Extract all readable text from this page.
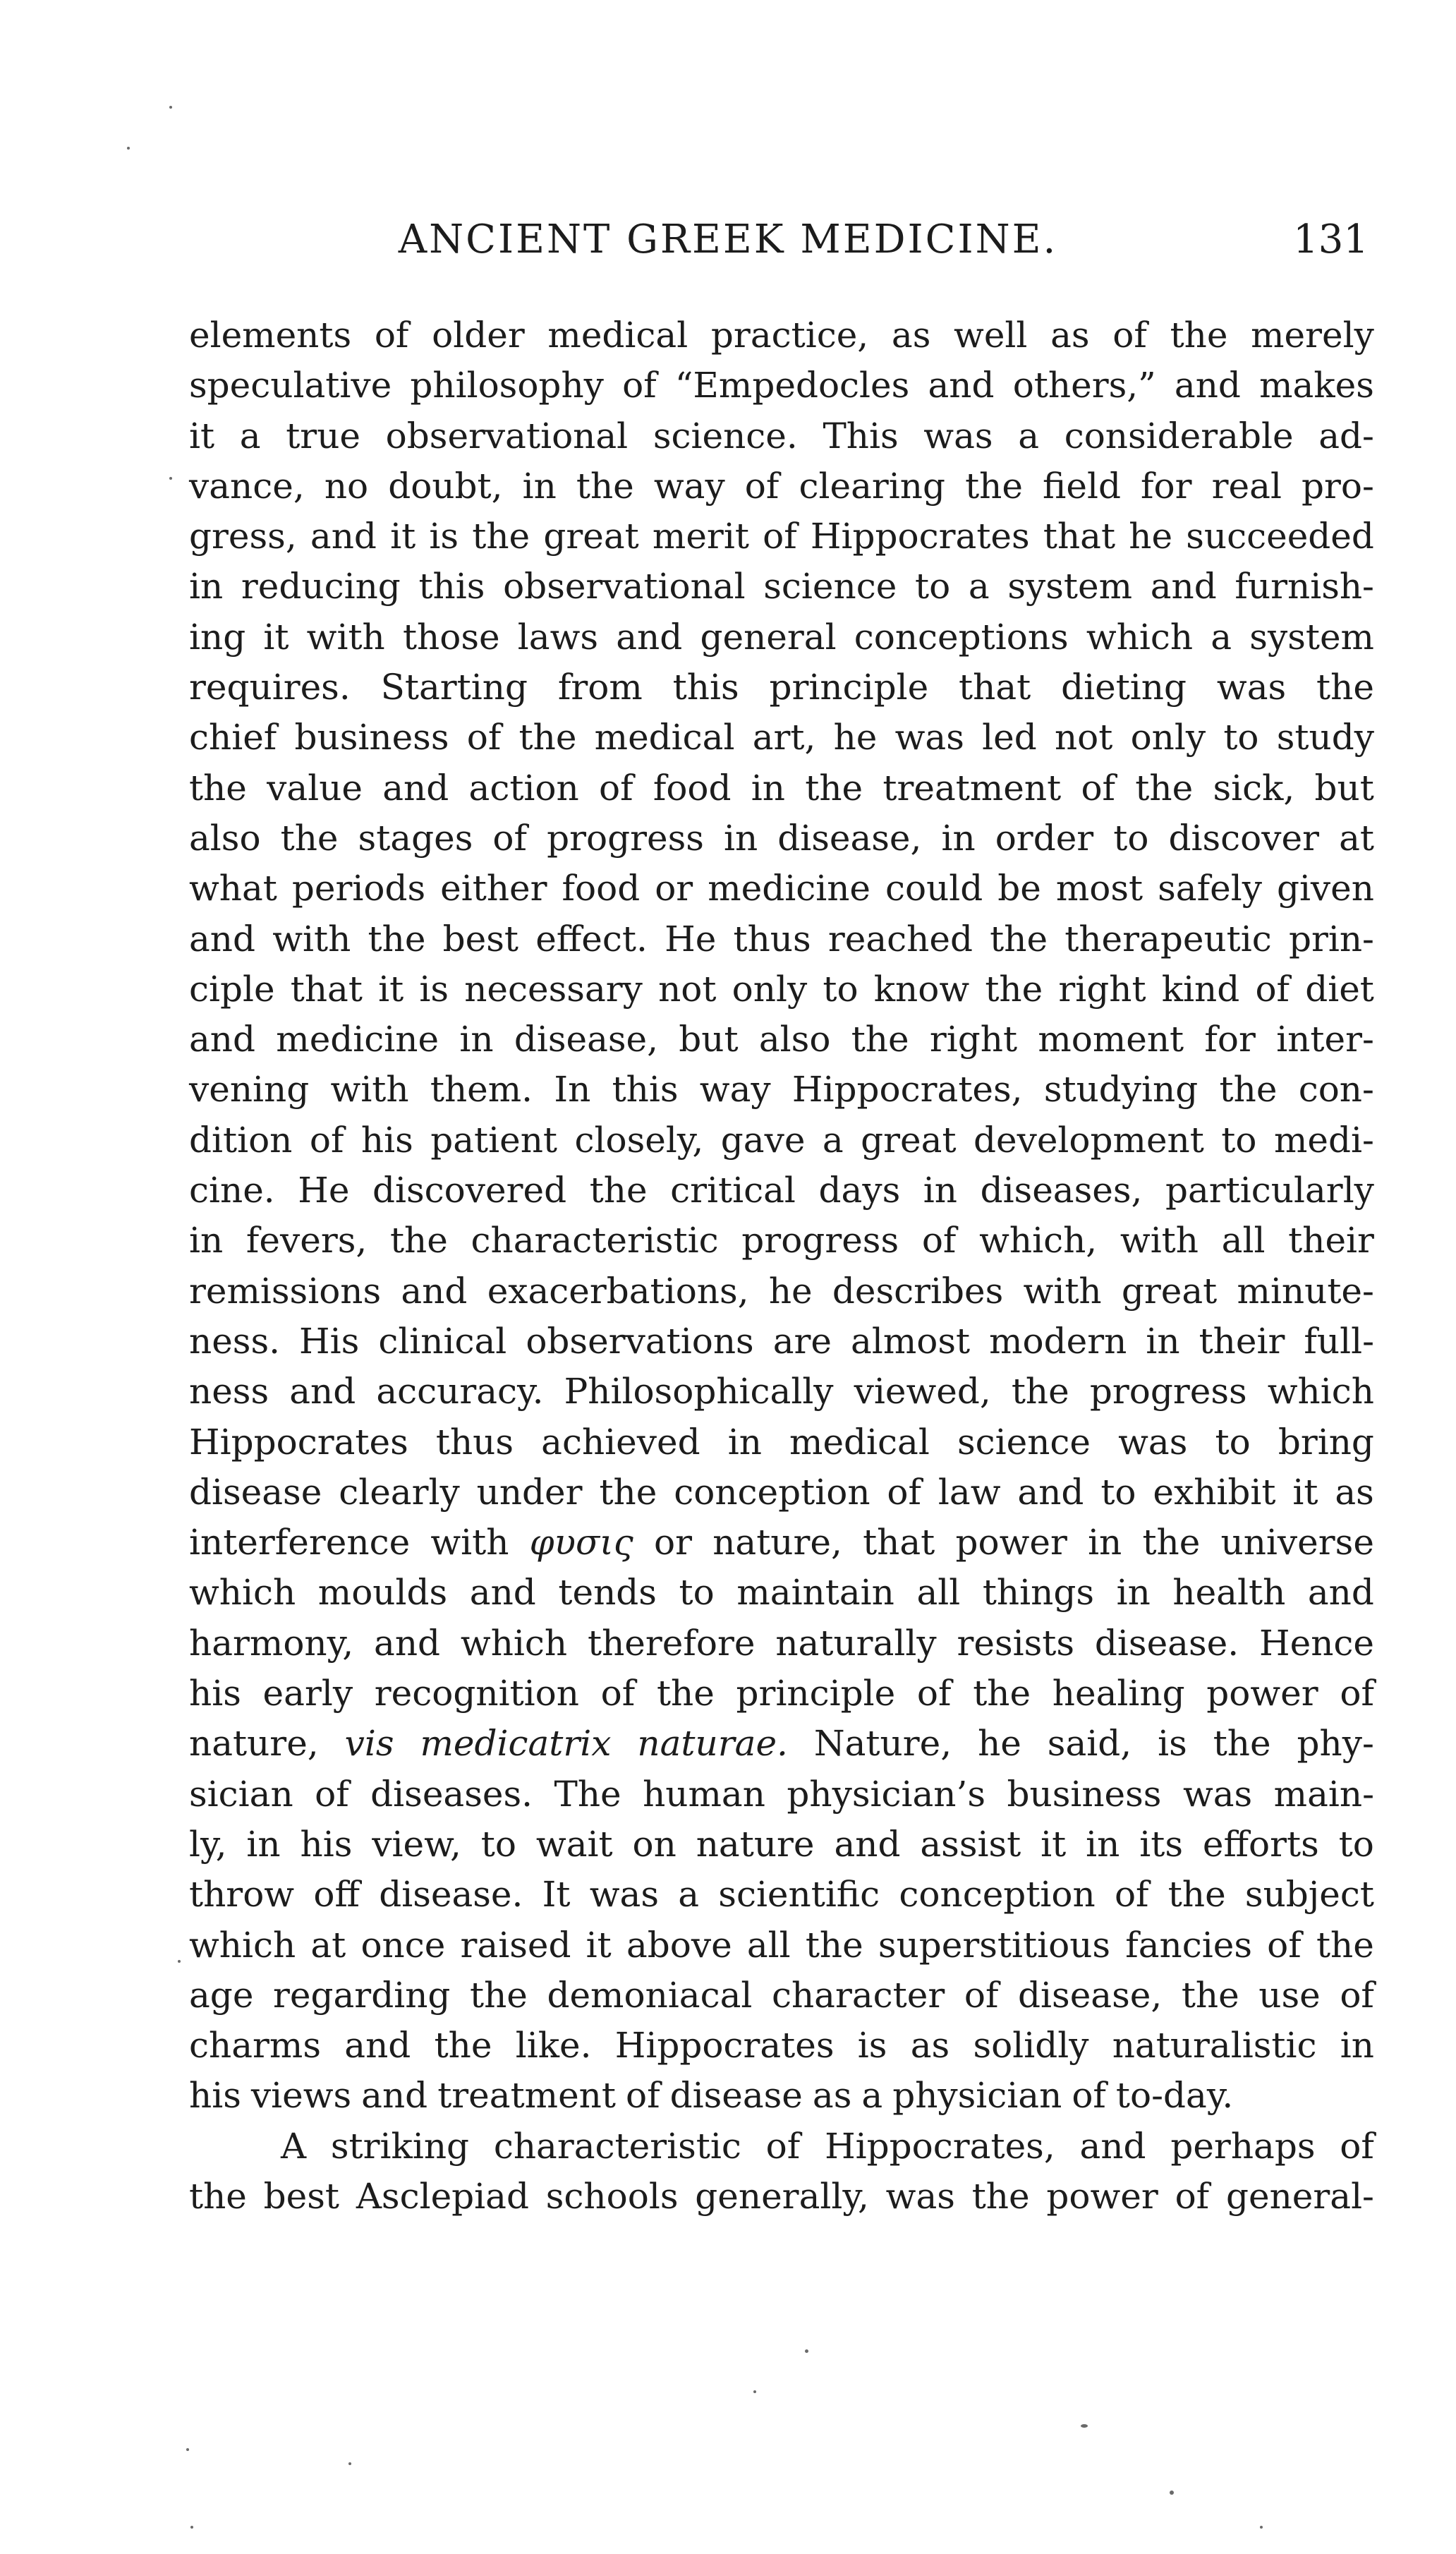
ANCIENT GREEK MEDICINE.	131
elements of older medical practice, as well as of the merely
speculative philosophy of “Empedocles and others,” and makes
it a true observational science. This was a considerable ad-
vance, no doubt, in the way of clearing the field for real pro-
gress, and it is the great merit of Hippocrates that he succeeded
in reducing this observational science to a system and furnish-
ing it with those laws and general conceptions which a system
requires. Starting from this principle that dieting was the
chief business of the medical art, he was led not only to study
the value and action of food in the treatment of the sick, but
also the stages of progress in disease, in order to discover at
what periods either food or medicine could be most safely given
and with the best effect. He thus reached the therapeutic prin-
ciple that it is necessary not only to know the right kind of diet
and medicine in disease, but also the right moment for inter-
vening with them. In this way Hippocrates, studying the con-
dition of his patient closely, gave a great development to medi-
cine. He discovered the critical days in diseases, particularly
in fevers, the characteristic progress of which, with all their
remissions and exacerbations, he describes with great minute-
ness. His clinical observations are almost modern in their full-
ness and accuracy. Philosophically viewed, the progress which
Hippocrates thus achieved in medical science was to bring
disease clearly under the conception of law and to exhibit it as
interference with φυσις or nature, that power in the universe
which moulds and tends to maintain all things in health and
harmony, and which therefore naturally resists disease. Hence
his early recognition of the principle of the healing power of
nature, vis medicatrix naturae. Nature, he said, is the phy-
sician of diseases. The human physician’s business was main-
ly, in his view, to wait on nature and assist it in its efforts to
throw off disease. It was a scientific conception of the subject
which at once raised it above all the superstitious fancies of the
age regarding the demoniacal character of disease, the use of
charms and the like. Hippocrates is as solidly naturalistic in
his views and treatment of disease as a physician of to-day.
A striking characteristic of Hippocrates, and perhaps of
the best Asclepiad schools generally, was the power of general-
